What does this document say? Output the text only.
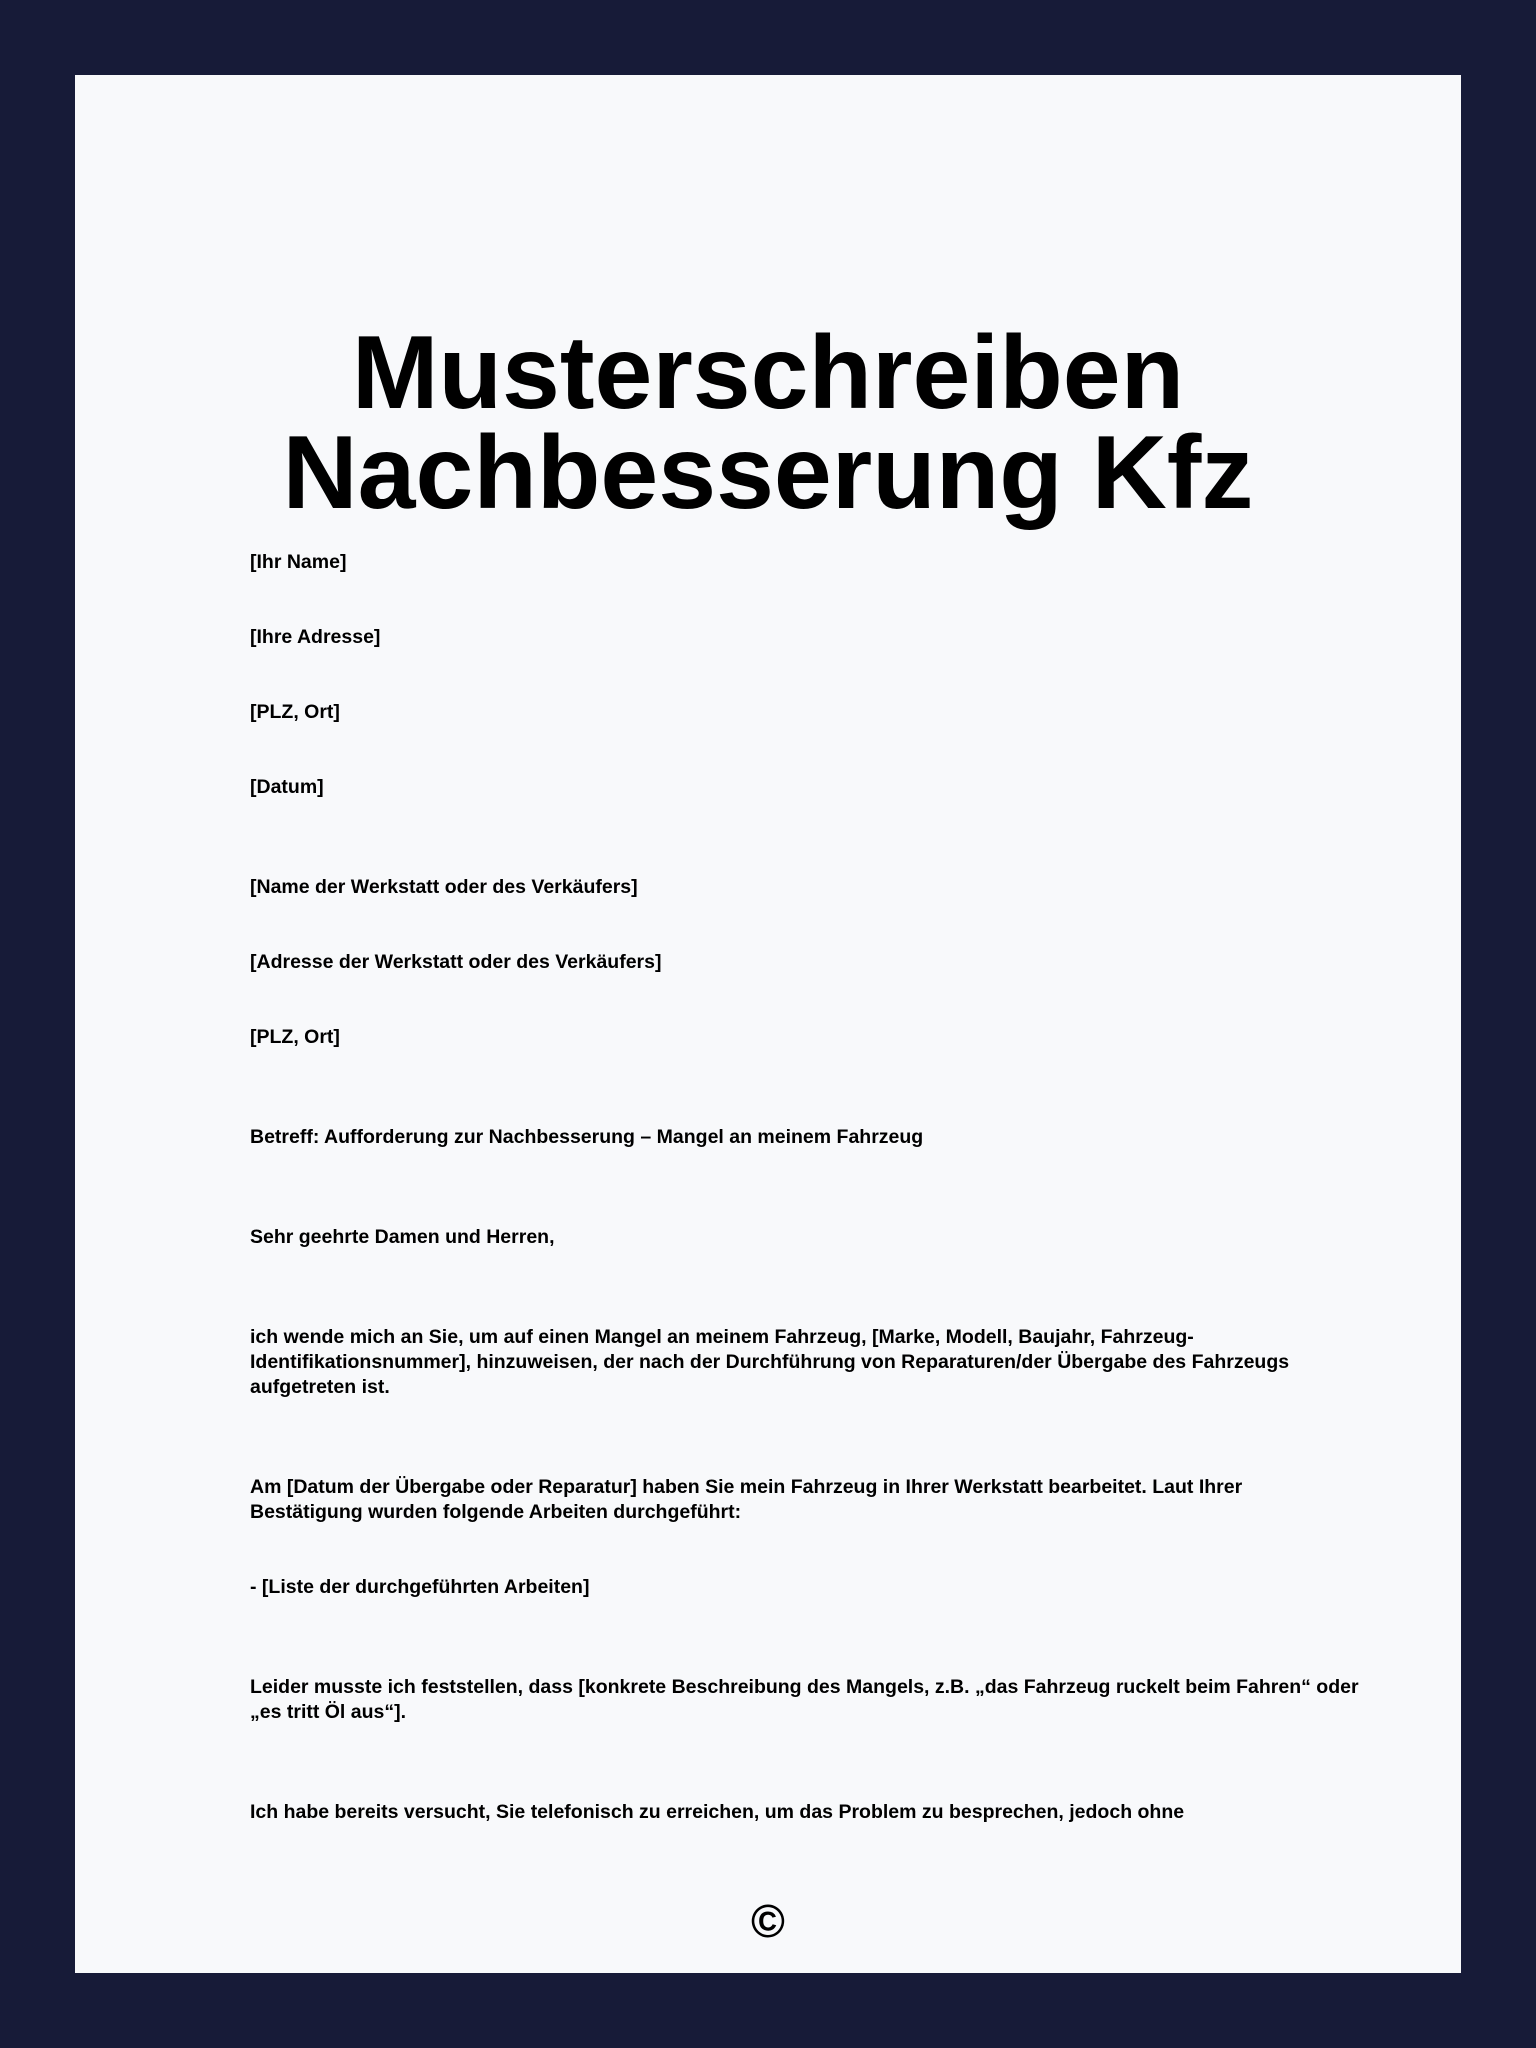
Musterschreiben
Nachbesserung Kfz

[Ihr Name]

[Ihre Adresse]

[PLZ, Ort]

[Datum]

[Name der Werkstatt oder des Verkäufers]

[Adresse der Werkstatt oder des Verkäufers]

[PLZ, Ort]

Betreff: Aufforderung zur Nachbesserung – Mangel an meinem Fahrzeug

Sehr geehrte Damen und Herren,

ich wende mich an Sie, um auf einen Mangel an meinem Fahrzeug, [Marke, Modell, Baujahr, Fahrzeug-Identifikationsnummer], hinzuweisen, der nach der Durchführung von Reparaturen/der Übergabe des Fahrzeugs aufgetreten ist.

Am [Datum der Übergabe oder Reparatur] haben Sie mein Fahrzeug in Ihrer Werkstatt bearbeitet. Laut Ihrer Bestätigung wurden folgende Arbeiten durchgeführt:

- [Liste der durchgeführten Arbeiten]

Leider musste ich feststellen, dass [konkrete Beschreibung des Mangels, z.B. „das Fahrzeug ruckelt beim Fahren“ oder „es tritt Öl aus“].

Ich habe bereits versucht, Sie telefonisch zu erreichen, um das Problem zu besprechen, jedoch ohne

©
